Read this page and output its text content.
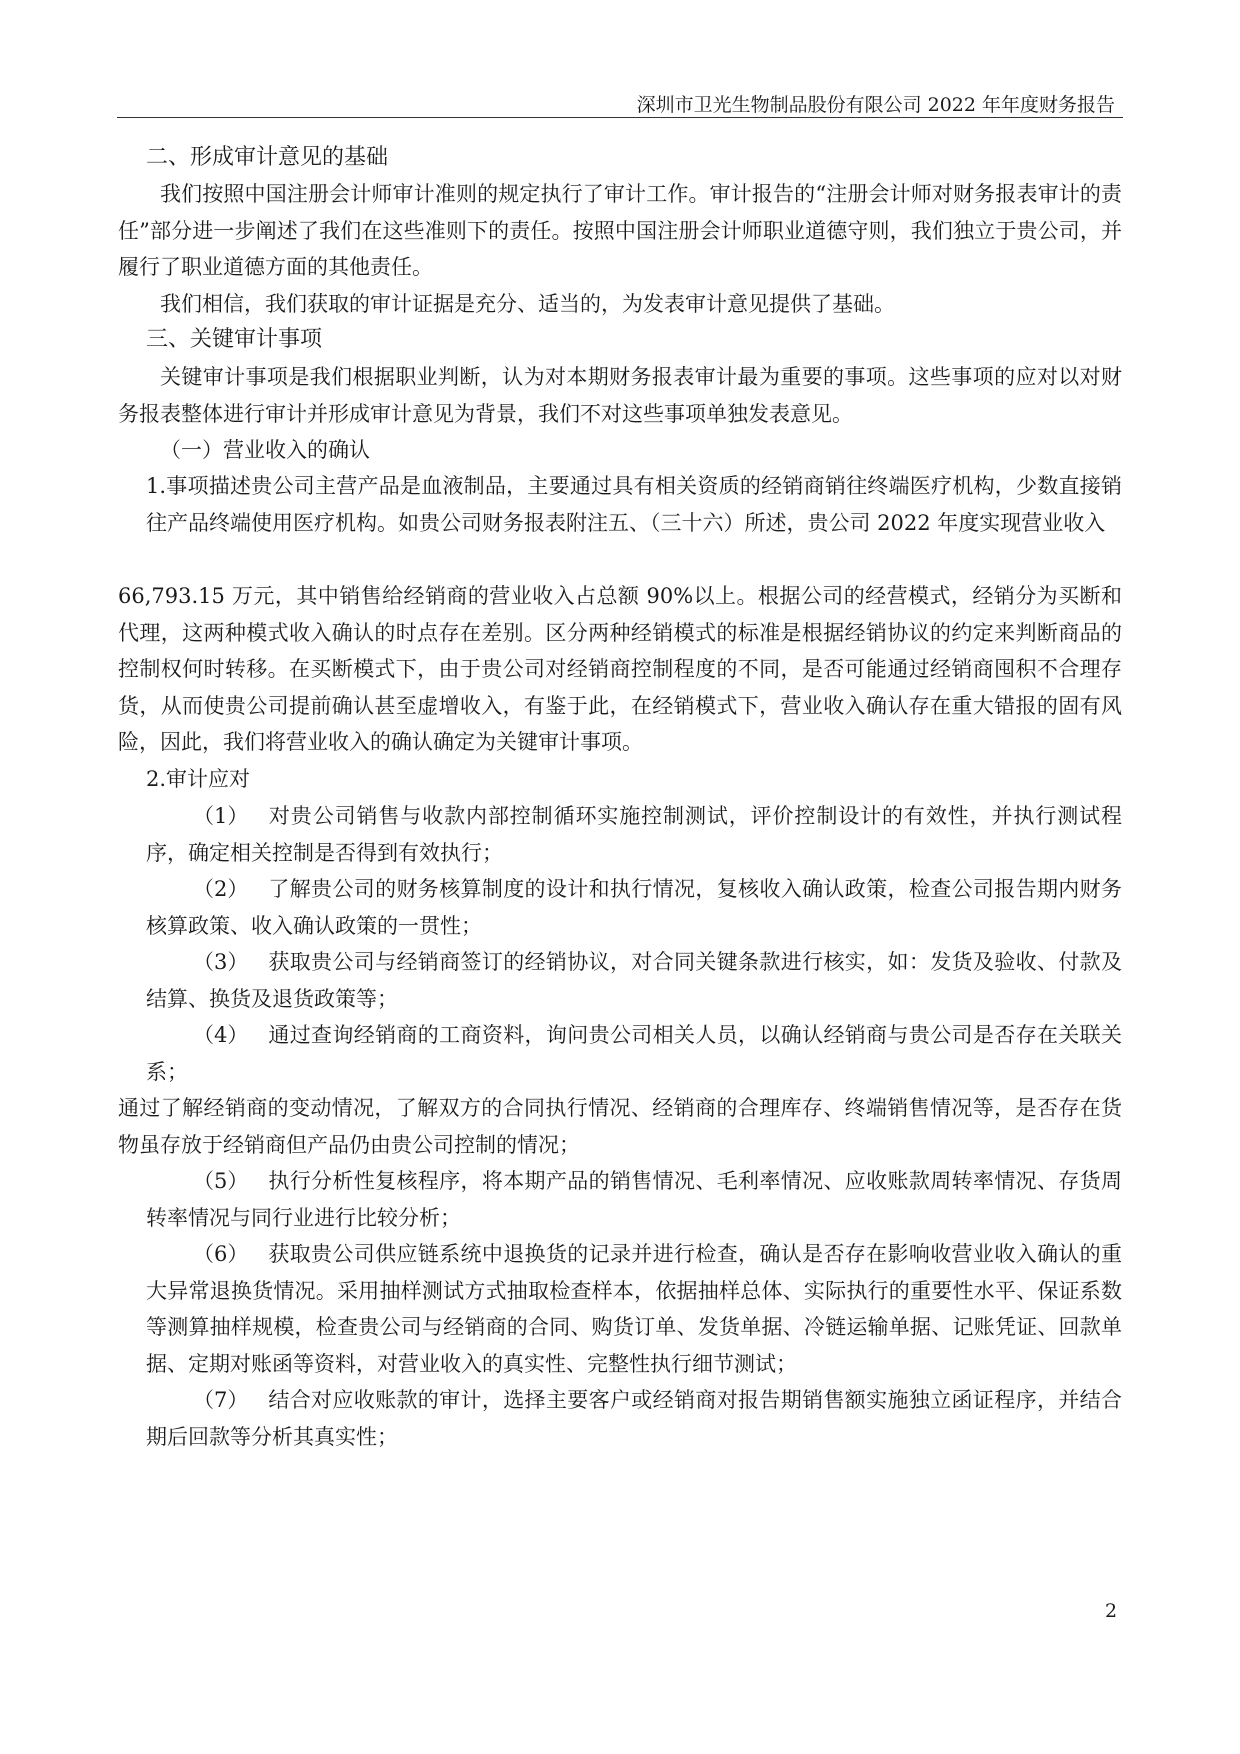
深圳市卫光生物制品股份有限公司 2022 年年度财务报告
二、形成审计意见的基础
我们按照中国注册会计师审计准则的规定执行了审计工作。审计报告的“注册会计师对财务报表审计的责任”部分进一步阐述了我们在这些准则下的责任。按照中国注册会计师职业道德守则，我们独立于贵公司，并履行了职业道德方面的其他责任。
我们相信，我们获取的审计证据是充分、适当的，为发表审计意见提供了基础。
三、关键审计事项
关键审计事项是我们根据职业判断，认为对本期财务报表审计最为重要的事项。这些事项的应对以对财务报表整体进行审计并形成审计意见为背景，我们不对这些事项单独发表意见。
（一）营业收入的确认
1.事项描述贵公司主营产品是血液制品，主要通过具有相关资质的经销商销往终端医疗机构，少数直接销往产品终端使用医疗机构。如贵公司财务报表附注五、（三十六）所述，贵公司 2022 年度实现营业收入
66,793.15 万元，其中销售给经销商的营业收入占总额 90%以上。根据公司的经营模式，经销分为买断和代理，这两种模式收入确认的时点存在差别。区分两种经销模式的标准是根据经销协议的约定来判断商品的控制权何时转移。在买断模式下，由于贵公司对经销商控制程度的不同，是否可能通过经销商囤积不合理存货，从而使贵公司提前确认甚至虚增收入，有鉴于此，在经销模式下，营业收入确认存在重大错报的固有风险，因此，我们将营业收入的确认确定为关键审计事项。
2.审计应对
（1） 对贵公司销售与收款内部控制循环实施控制测试，评价控制设计的有效性，并执行测试程序，确定相关控制是否得到有效执行；
（2） 了解贵公司的财务核算制度的设计和执行情况，复核收入确认政策，检查公司报告期内财务核算政策、收入确认政策的一贯性；
（3） 获取贵公司与经销商签订的经销协议，对合同关键条款进行核实，如：发货及验收、付款及结算、换货及退货政策等；
（4） 通过查询经销商的工商资料，询问贵公司相关人员，以确认经销商与贵公司是否存在关联关系；
通过了解经销商的变动情况，了解双方的合同执行情况、经销商的合理库存、终端销售情况等，是否存在货物虽存放于经销商但产品仍由贵公司控制的情况；
（5） 执行分析性复核程序，将本期产品的销售情况、毛利率情况、应收账款周转率情况、存货周转率情况与同行业进行比较分析；
（6） 获取贵公司供应链系统中退换货的记录并进行检查，确认是否存在影响收营业收入确认的重大异常退换货情况。采用抽样测试方式抽取检查样本，依据抽样总体、实际执行的重要性水平、保证系数等测算抽样规模，检查贵公司与经销商的合同、购货订单、发货单据、冷链运输单据、记账凭证、回款单据、定期对账函等资料，对营业收入的真实性、完整性执行细节测试；
（7） 结合对应收账款的审计，选择主要客户或经销商对报告期销售额实施独立函证程序，并结合期后回款等分析其真实性；
2
